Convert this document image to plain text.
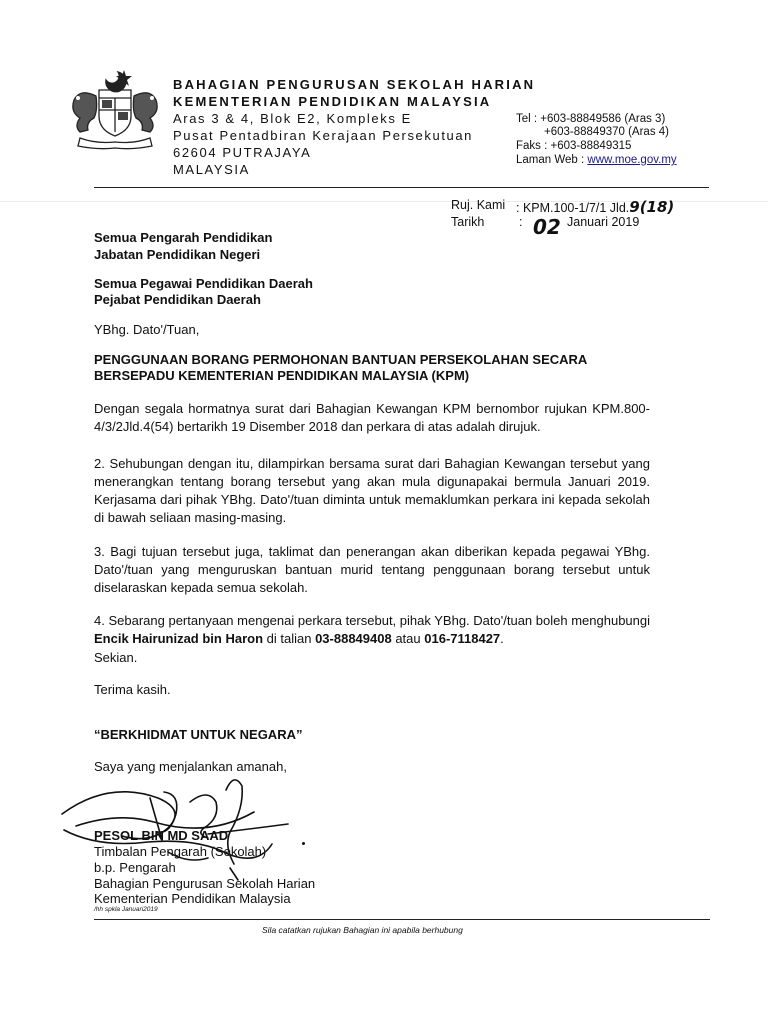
BAHAGIAN PENGURUSAN SEKOLAH HARIAN
KEMENTERIAN PENDIDIKAN MALAYSIA
Aras 3 & 4, Blok E2, Kompleks E
Pusat Pentadbiran Kerajaan Persekutuan
62604 PUTRAJAYA
MALAYSIA
Tel : +603-88849586 (Aras 3)
+603-88849370 (Aras 4)
Faks : +603-88849315
Laman Web : www.moe.gov.my
Ruj. Kami : KPM.100-1/7/1 Jld.9(18)
Tarikh	: 02 Januari 2019
Semua Pengarah Pendidikan
Jabatan Pendidikan Negeri
Semua Pegawai Pendidikan Daerah
Pejabat Pendidikan Daerah
YBhg. Dato'/Tuan,
PENGGUNAAN BORANG PERMOHONAN BANTUAN PERSEKOLAHAN SECARA
BERSEPADU KEMENTERIAN PENDIDIKAN MALAYSIA (KPM)
Dengan segala hormatnya surat dari Bahagian Kewangan KPM bernombor rujukan KPM.800-4/3/2Jld.4(54) bertarikh 19 Disember 2018 dan perkara di atas adalah dirujuk.
2. Sehubungan dengan itu, dilampirkan bersama surat dari Bahagian Kewangan tersebut yang menerangkan tentang borang tersebut yang akan mula digunapakai bermula Januari 2019. Kerjasama dari pihak YBhg. Dato'/tuan diminta untuk memaklumkan perkara ini kepada sekolah di bawah seliaan masing-masing.
3. Bagi tujuan tersebut juga, taklimat dan penerangan akan diberikan kepada pegawai YBhg. Dato'/tuan yang menguruskan bantuan murid tentang penggunaan borang tersebut untuk diselaraskan kepada semua sekolah.
4. Sebarang pertanyaan mengenai perkara tersebut, pihak YBhg. Dato'/tuan boleh menghubungi Encik Hairunizad bin Haron di talian 03-88849408 atau 016-7118427.
Sekian.
Terima kasih.
“BERKHIDMAT UNTUK NEGARA”
Saya yang menjalankan amanah,
PESOL BIN MD SAAD
Timbalan Pengarah (Sekolah)
b.p. Pengarah
Bahagian Pengurusan Sekolah Harian
Kementerian Pendidikan Malaysia
/hh spkla Januari2019
Sila catatkan rujukan Bahagian ini apabila berhubung
